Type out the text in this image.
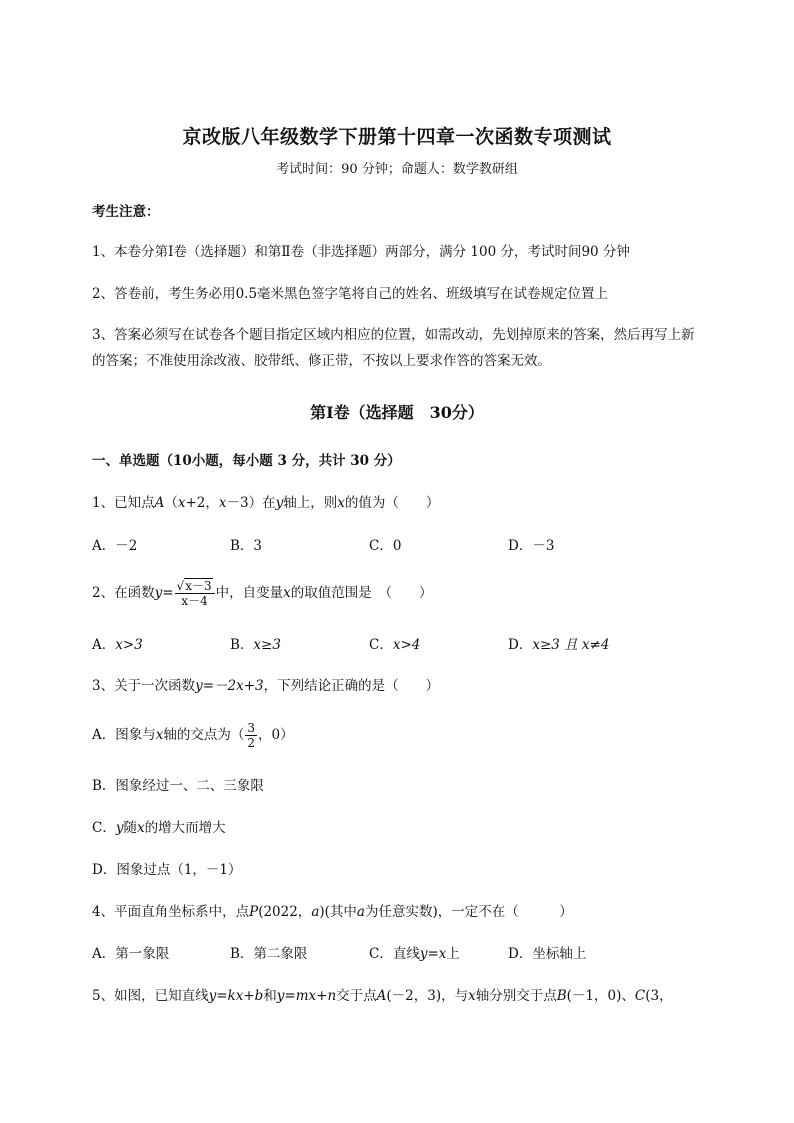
京改版八年级数学下册第十四章一次函数专项测试
考试时间：90 分钟；命题人：数学教研组
考生注意：
1、本卷分第Ⅰ卷（选择题）和第Ⅱ卷（非选择题）两部分，满分 100 分，考试时间90 分钟
2、答卷前，考生务必用0.5毫米黑色签字笔将自己的姓名、班级填写在试卷规定位置上
3、答案必须写在试卷各个题目指定区域内相应的位置，如需改动，先划掉原来的答案，然后再写上新
的答案；不准使用涂改液、胶带纸、修正带，不按以上要求作答的答案无效。
第Ⅰ卷（选择题　30分）
一、单选题（10小题，每小题 3 分，共计 30 分）
1、已知点A（x+2，x－3）在y轴上，则x的值为（　　）
A．－2	B．3	C．0	D．－3
2、在函数$y= \frac{√x-3}{x-4}$ 中，自变量x的取值范围是　（　　）
A．x>3	B．x≥3	C．x>4	D．x≥3 且 x≠4
3、关于一次函数y=－2x+3，下列结论正确的是（　　）
A．图象与x轴的交点为（ $\frac{3}{2}$ ，0）
B．图象经过一、二、三象限
C．y随x的增大而增大
D．图象过点（1，－1）
4、平面直角坐标系中，点P(2022，a)(其中a为任意实数)，一定不在（　　　）
A．第一象限	B．第二象限	C．直线y=x上	D．坐标轴上
5、如图，已知直线y=kx+b和y=mx+n交于点A(－2，3)，与x轴分别交于点B(－1，0)、C(3，
